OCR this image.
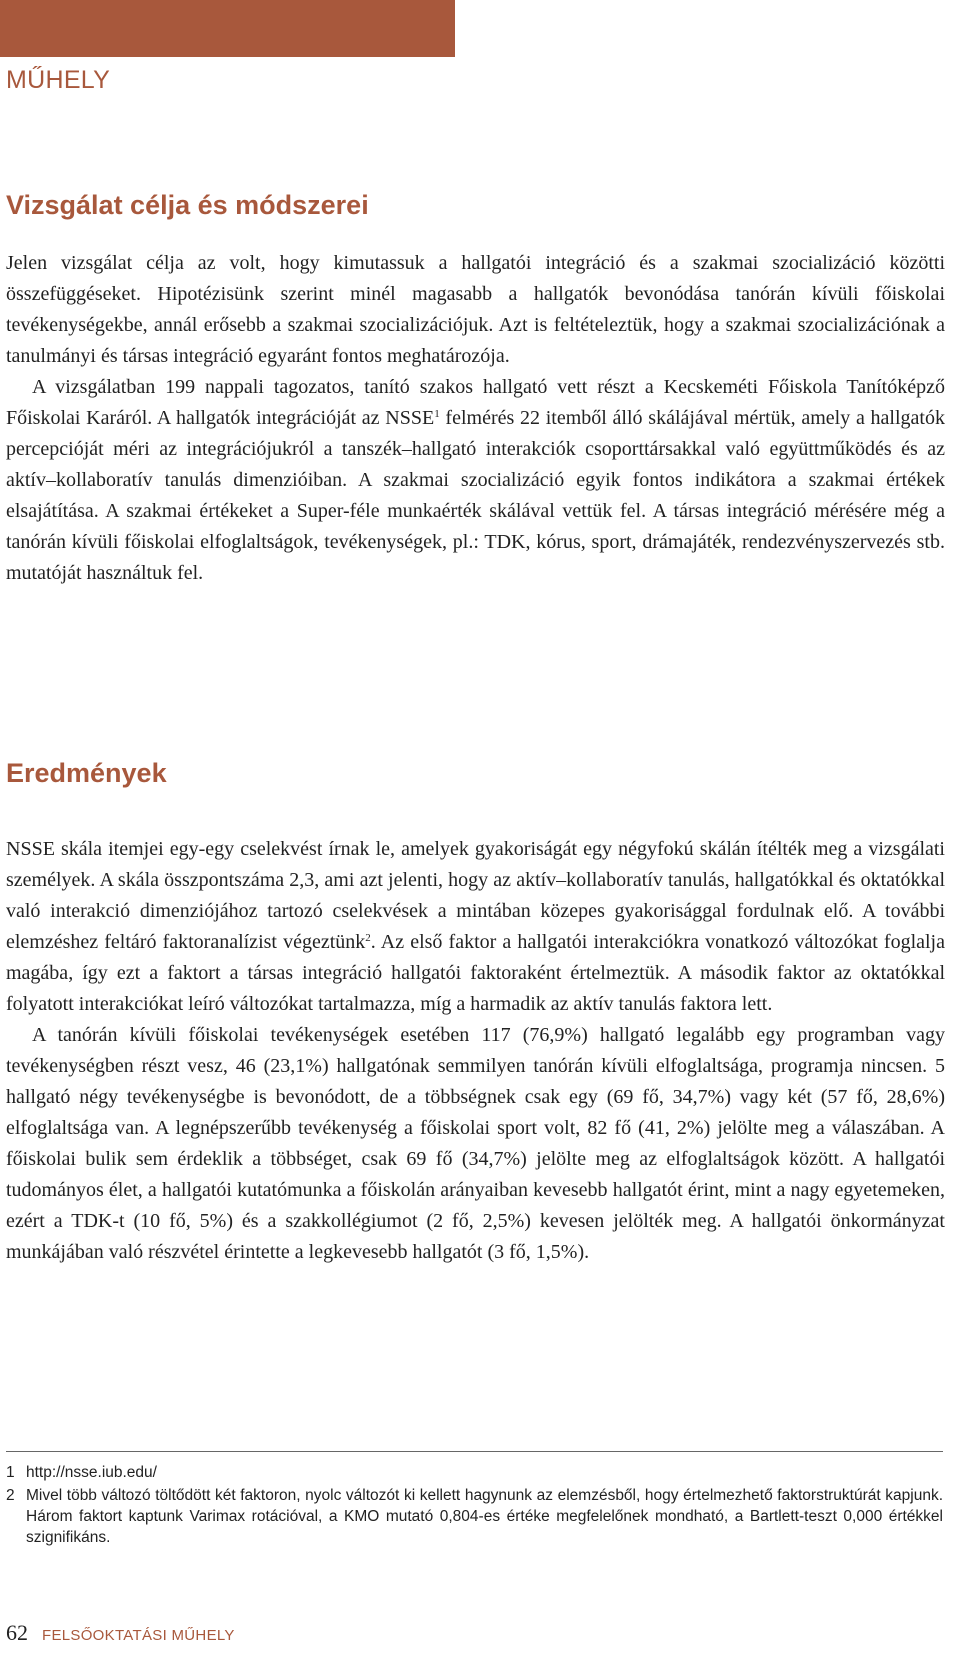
MŰHELY
Vizsgálat célja és módszerei

Jelen vizsgálat célja az volt, hogy kimutassuk a hallgatói integráció és a szakmai szocializáció közötti összefüggéseket. Hipotézisünk szerint minél magasabb a hallgatók bevonódása tanórán kívüli főiskolai tevékenységekbe, annál erősebb a szakmai szocializációjuk. Azt is feltételeztük, hogy a szakmai szocializációnak a tanulmányi és társas integráció egyaránt fontos meghatározója.

A vizsgálatban 199 nappali tagozatos, tanító szakos hallgató vett részt a Kecskeméti Főiskola Tanítóképző Főiskolai Karáról. A hallgatók integrációját az NSSE$^1$ felmérés 22 itemből álló skálájával mértük, amely a hallgatók percepcióját méri az integrációjukról a tanszék–hallgató interakciók csoporttársakkal való együttműködés és az aktív–kollaboratív tanulás dimenzióiban. A szakmai szocializáció egyik fontos indikátora a szakmai értékek elsajátítása. A szakmai értékeket a Super-féle munkaérték skálával vettük fel. A társas integráció mérésére még a tanórán kívüli főiskolai elfoglaltságok, tevékenységek, pl.: TDK, kórus, sport, drámajáték, rendezvényszervezés stb. mutatóját használtuk fel.

Eredmények

NSSE skála itemjei egy-egy cselekvést írnak le, amelyek gyakoriságát egy négyfokú skálán ítélték meg a vizsgálati személyek. A skála összpontszáma 2,3, ami azt jelenti, hogy az aktív–kollaboratív tanulás, hallgatókkal és oktatókkal való interakció dimenziójához tartozó cselekvések a mintában közepes gyakorisággal fordulnak elő. A további elemzéshez feltáró faktoranalízist végeztünk$^2$. Az első faktor a hallgatói interakciókra vonatkozó változókat foglalja magába, így ezt a faktort a társas integráció hallgatói faktoraként értelmeztük. A második faktor az oktatókkal folyatott interakciókat leíró változókat tartalmazza, míg a harmadik az aktív tanulás faktora lett.

A tanórán kívüli főiskolai tevékenységek esetében 117 (76,9%) hallgató legalább egy programban vagy tevékenységben részt vesz, 46 (23,1%) hallgatónak semmilyen tanórán kívüli elfoglaltsága, programja nincsen. 5 hallgató négy tevékenységbe is bevonódott, de a többségnek csak egy (69 fő, 34,7%) vagy két (57 fő, 28,6%) elfoglaltsága van. A legnépszerűbb tevékenység a főiskolai sport volt, 82 fő (41, 2%) jelölte meg a válaszában. A főiskolai bulik sem érdeklik a többséget, csak 69 fő (34,7%) jelölte meg az elfoglaltságok között. A hallgatói tudományos élet, a hallgatói kutatómunka a főiskolán arányaiban kevesebb hallgatót érint, mint a nagy egyetemeken, ezért a TDK-t (10 fő, 5%) és a szakkollégiumot (2 fő, 2,5%) kevesen jelölték meg. A hallgatói önkormányzat munkájában való részvétel érintette a legkevesebb hallgatót (3 fő, 1,5%).

1 http://nsse.iub.edu/
2 Mivel több változó töltődött két faktoron, nyolc változót ki kellett hagynunk az elemzésből, hogy értelmezhető faktorstruktúrát kapjunk. Három faktort kaptunk Varimax rotációval, a KMO mutató 0,804-es értéke megfelelőnek mondható, a Bartlett-teszt 0,000 értékkel szignifikáns.
62 FELSŐOKTATÁSI MŰHELY
